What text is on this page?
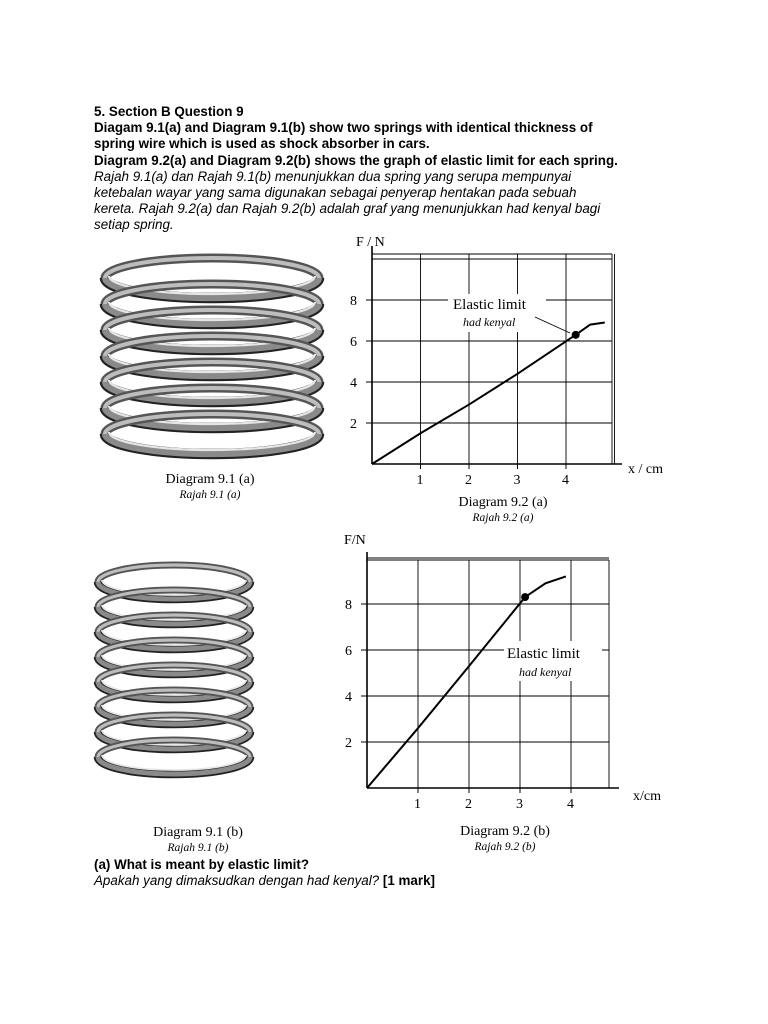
5. Section B Question 9

Diagam 9.1(a) and Diagram 9.1(b) show two springs with identical thickness of

spring wire which is used as shock absorber in cars.

Diagram 9.2(a) and Diagram 9.2(b) shows the graph of elastic limit for each spring.

Rajah 9.1(a) dan Rajah 9.1(b) menunjukkan dua spring yang serupa mempunyai

ketebalan wayar yang sama digunakan sebagai penyerap hentakan pada sebuah

kereta. Rajah 9.2(a) dan Rajah 9.2(b) adalah graf yang menunjukkan had kenyal bagi

setiap spring.

Diagram 9.1 (a)
Rajah 9.1 (a)
F / N
x / cm
1	2	3	4
2
4
6
8	Elastic limit
had kenyal
Diagram 9.2 (a)
Rajah 9.2 (a)
Diagram 9.1 (b)
Rajah 9.1 (b)
F/N
x/cm
1	2	3	4
2
4
6
8
Elastic limit
had kenyal
Diagram 9.2 (b)
Rajah 9.2 (b)

(a) What is meant by elastic limit?

Apakah yang dimaksudkan dengan had kenyal? [1 mark]
